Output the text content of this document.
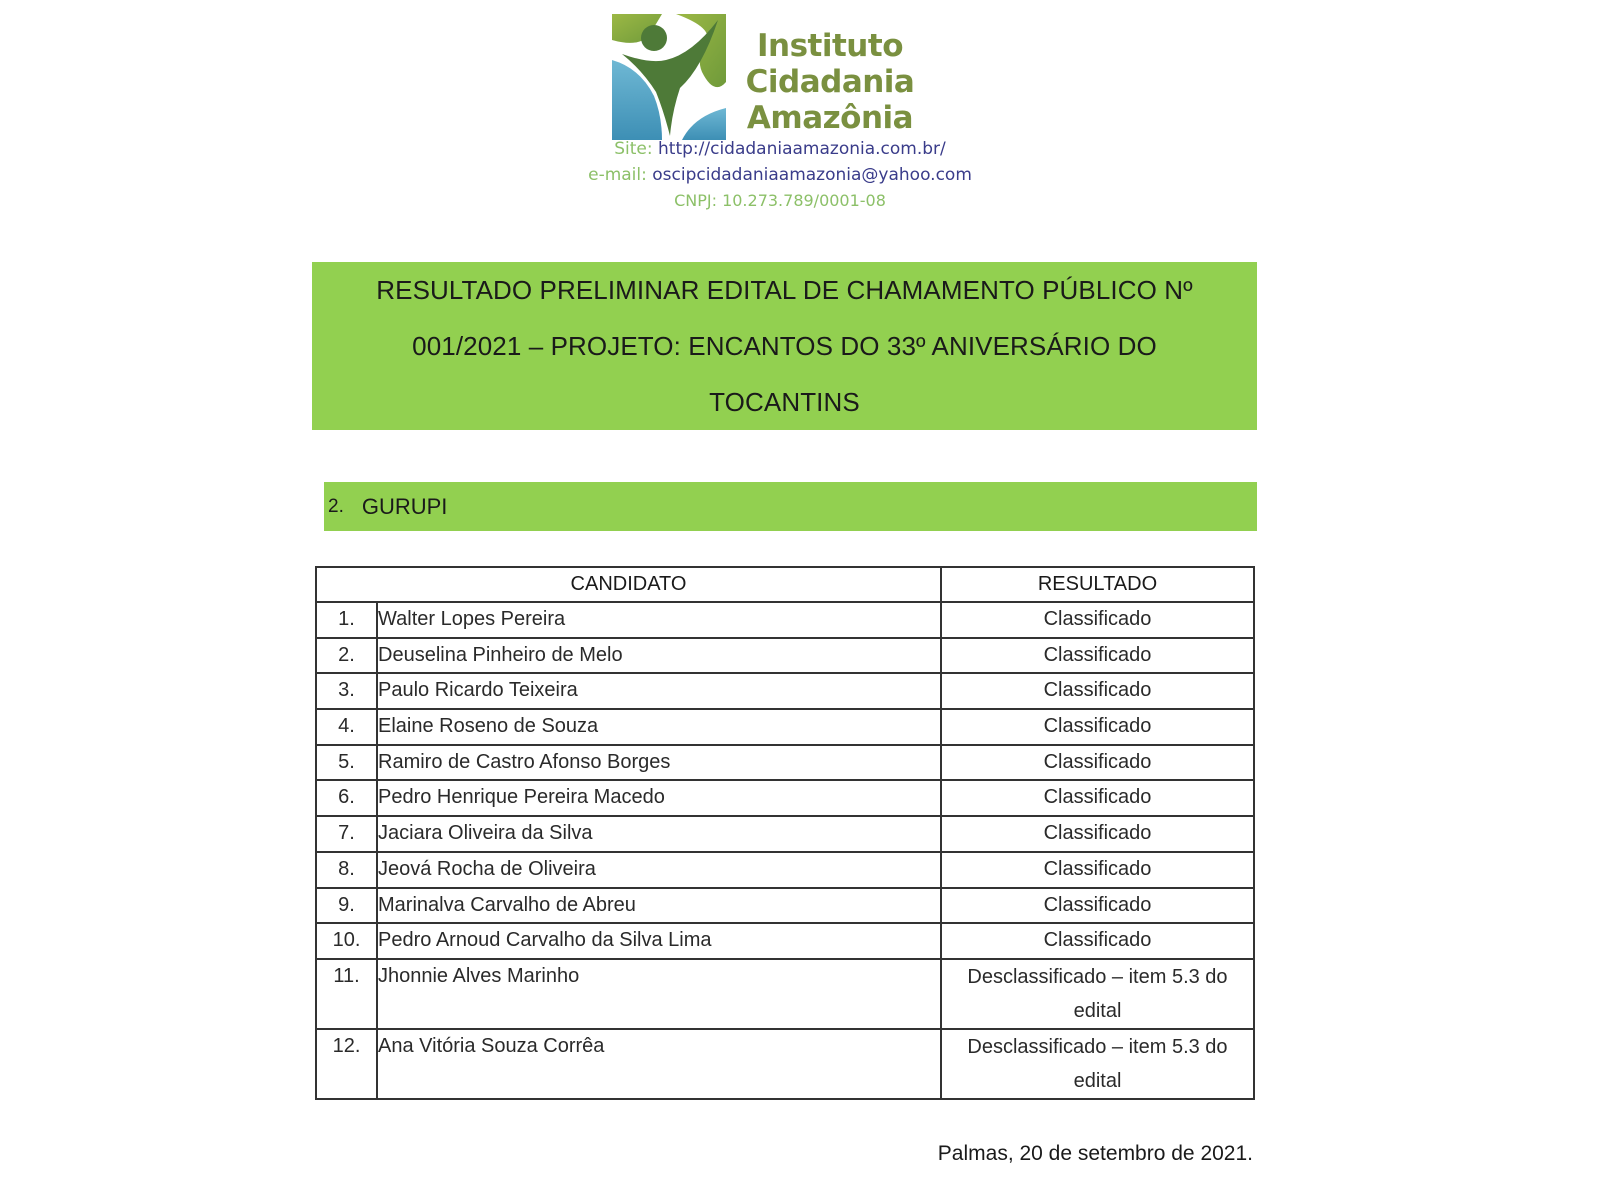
Instituto
Cidadania
Amazônia
Site: http://cidadaniaamazonia.com.br/
e-mail: oscipcidadaniaamazonia@yahoo.com
CNPJ: 10.273.789/0001-08
RESULTADO PRELIMINAR EDITAL DE CHAMAMENTO PÚBLICO Nº
001/2021 – PROJETO: ENCANTOS DO 33º ANIVERSÁRIO DO
TOCANTINS
2. GURUPI
CANDIDATO		RESULTADO
1.	Walter Lopes Pereira	Classificado
2.	Deuselina Pinheiro de Melo	Classificado
3.	Paulo Ricardo Teixeira	Classificado
4.	Elaine Roseno de Souza	Classificado
5.	Ramiro de Castro Afonso Borges	Classificado
6.	Pedro Henrique Pereira Macedo	Classificado
7.	Jaciara Oliveira da Silva	Classificado
8.	Jeová Rocha de Oliveira	Classificado
9.	Marinalva Carvalho de Abreu	Classificado
10.	Pedro Arnoud Carvalho da Silva Lima	Classificado
11.	Jhonnie Alves Marinho	Desclassificado – item 5.3 do edital

12.	Ana Vitória Souza Corrêa	Desclassificado – item 5.3 do edital
Palmas, 20 de setembro de 2021.
